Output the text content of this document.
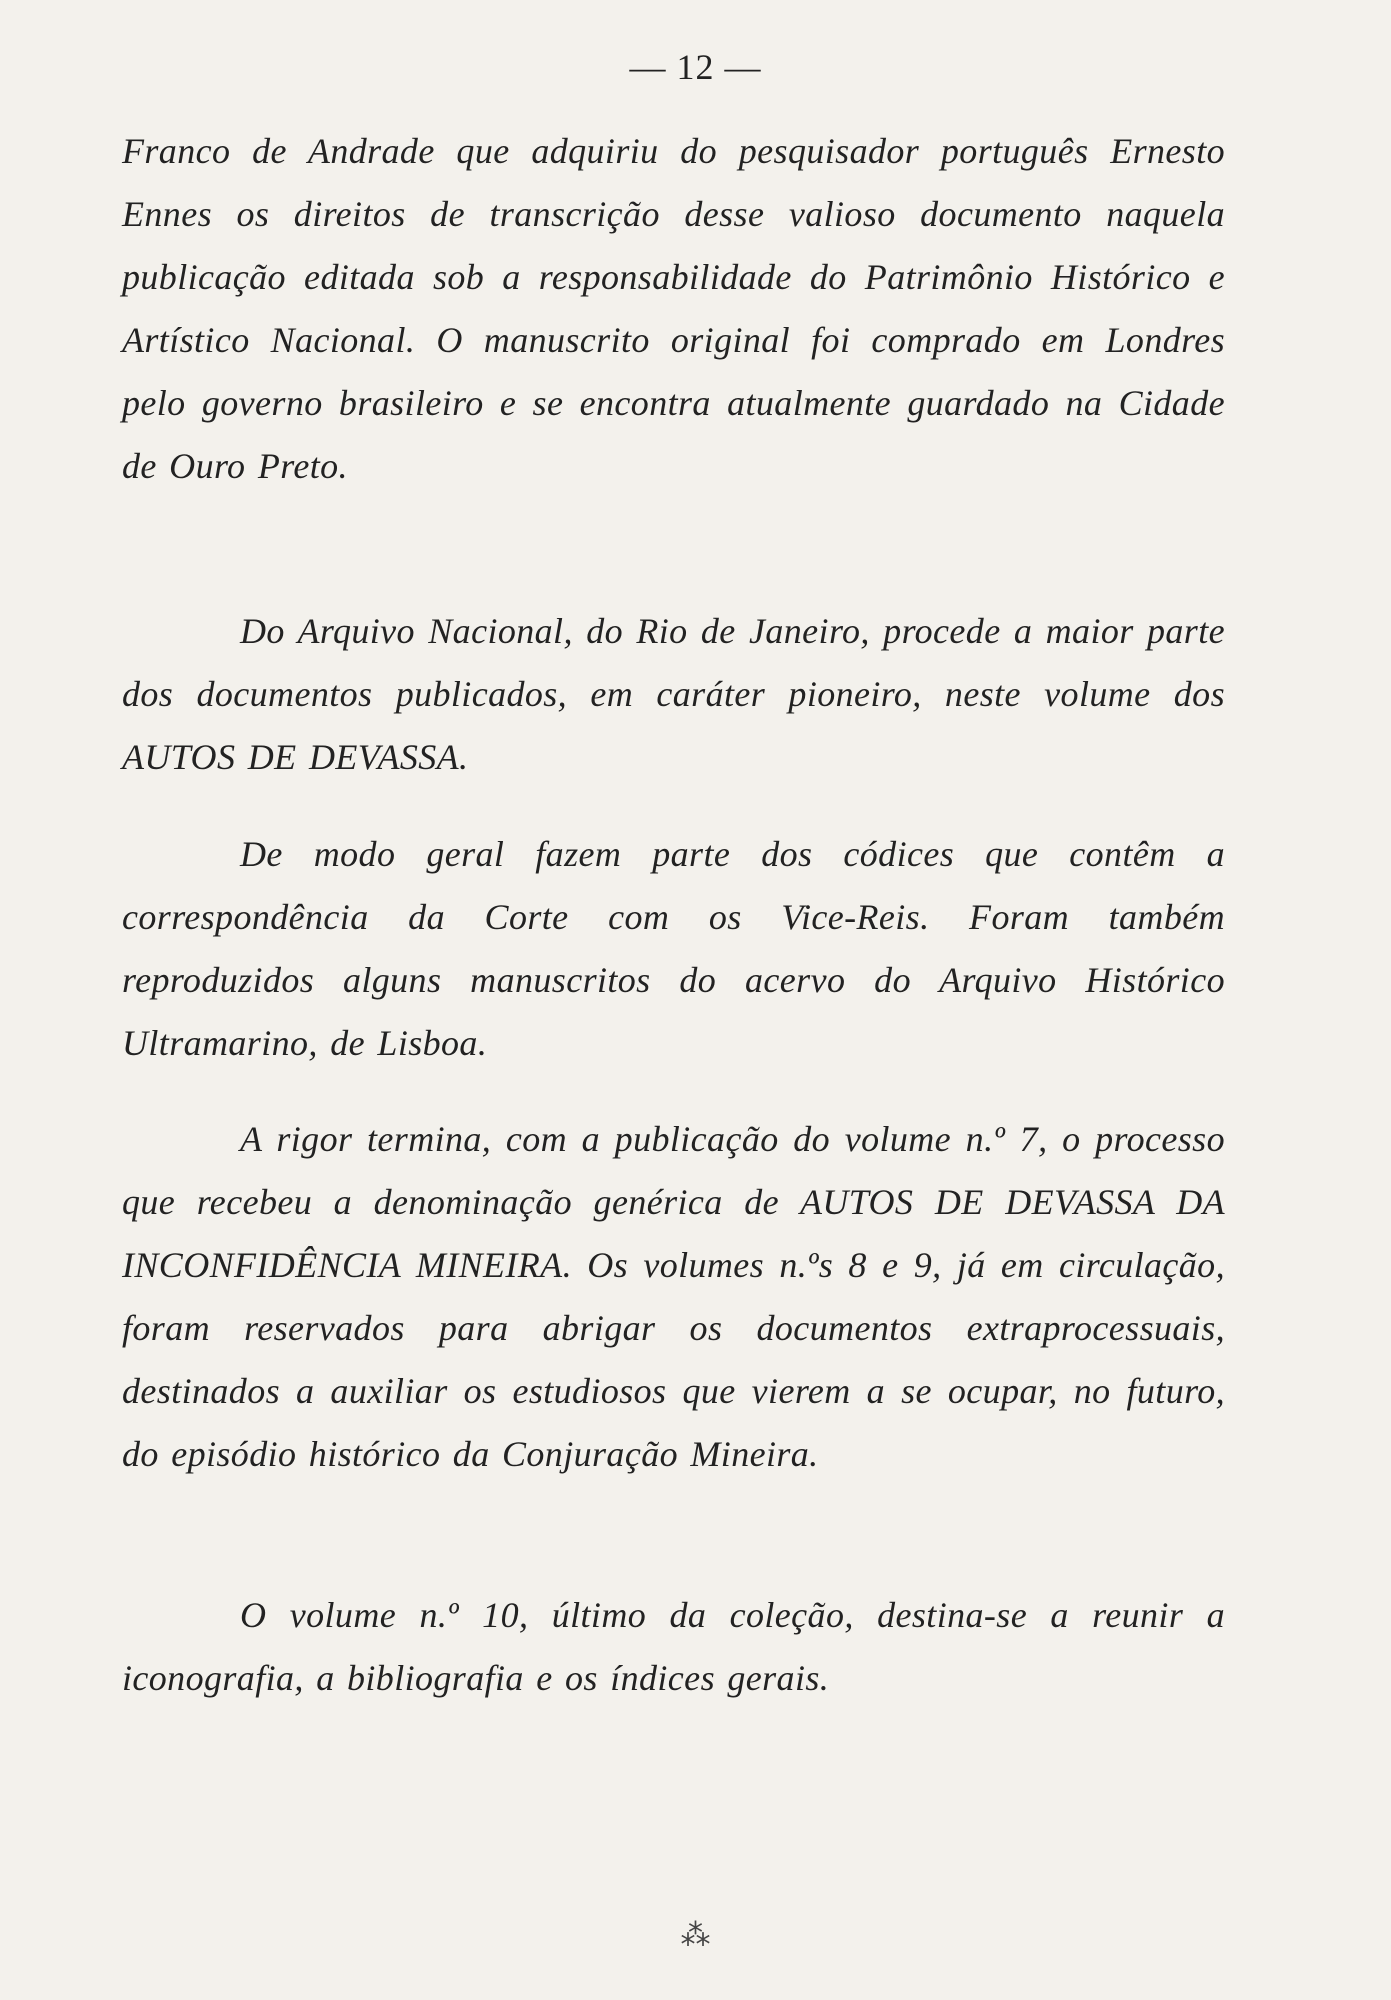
— 12 —
Franco de Andrade que adquiriu do pesquisador português Ernesto Ennes os direitos de transcrição desse valioso documento naquela publicação editada sob a responsabilidade do Patrimônio Histórico e Artístico Nacional. O manuscrito original foi comprado em Londres pelo governo brasileiro e se encontra atualmente guardado na Cidade de Ouro Preto.
Do Arquivo Nacional, do Rio de Janeiro, procede a maior parte dos documentos publicados, em caráter pioneiro, neste volume dos AUTOS DE DEVASSA.
De modo geral fazem parte dos códices que contêm a correspondência da Corte com os Vice-Reis. Foram também reproduzidos alguns manuscritos do acervo do Arquivo Histórico Ultramarino, de Lisboa.
A rigor termina, com a publicação do volume n.º 7, o processo que recebeu a denominação genérica de AUTOS DE DEVASSA DA INCONFIDÊNCIA MINEIRA. Os volumes n.ºs 8 e 9, já em circulação, foram reservados para abrigar os documentos extraprocessuais, destinados a auxiliar os estudiosos que vierem a se ocupar, no futuro, do episódio histórico da Conjuração Mineira.
O volume n.º 10, último da coleção, destina-se a reunir a iconografia, a bibliografia e os índices gerais.
⁂
